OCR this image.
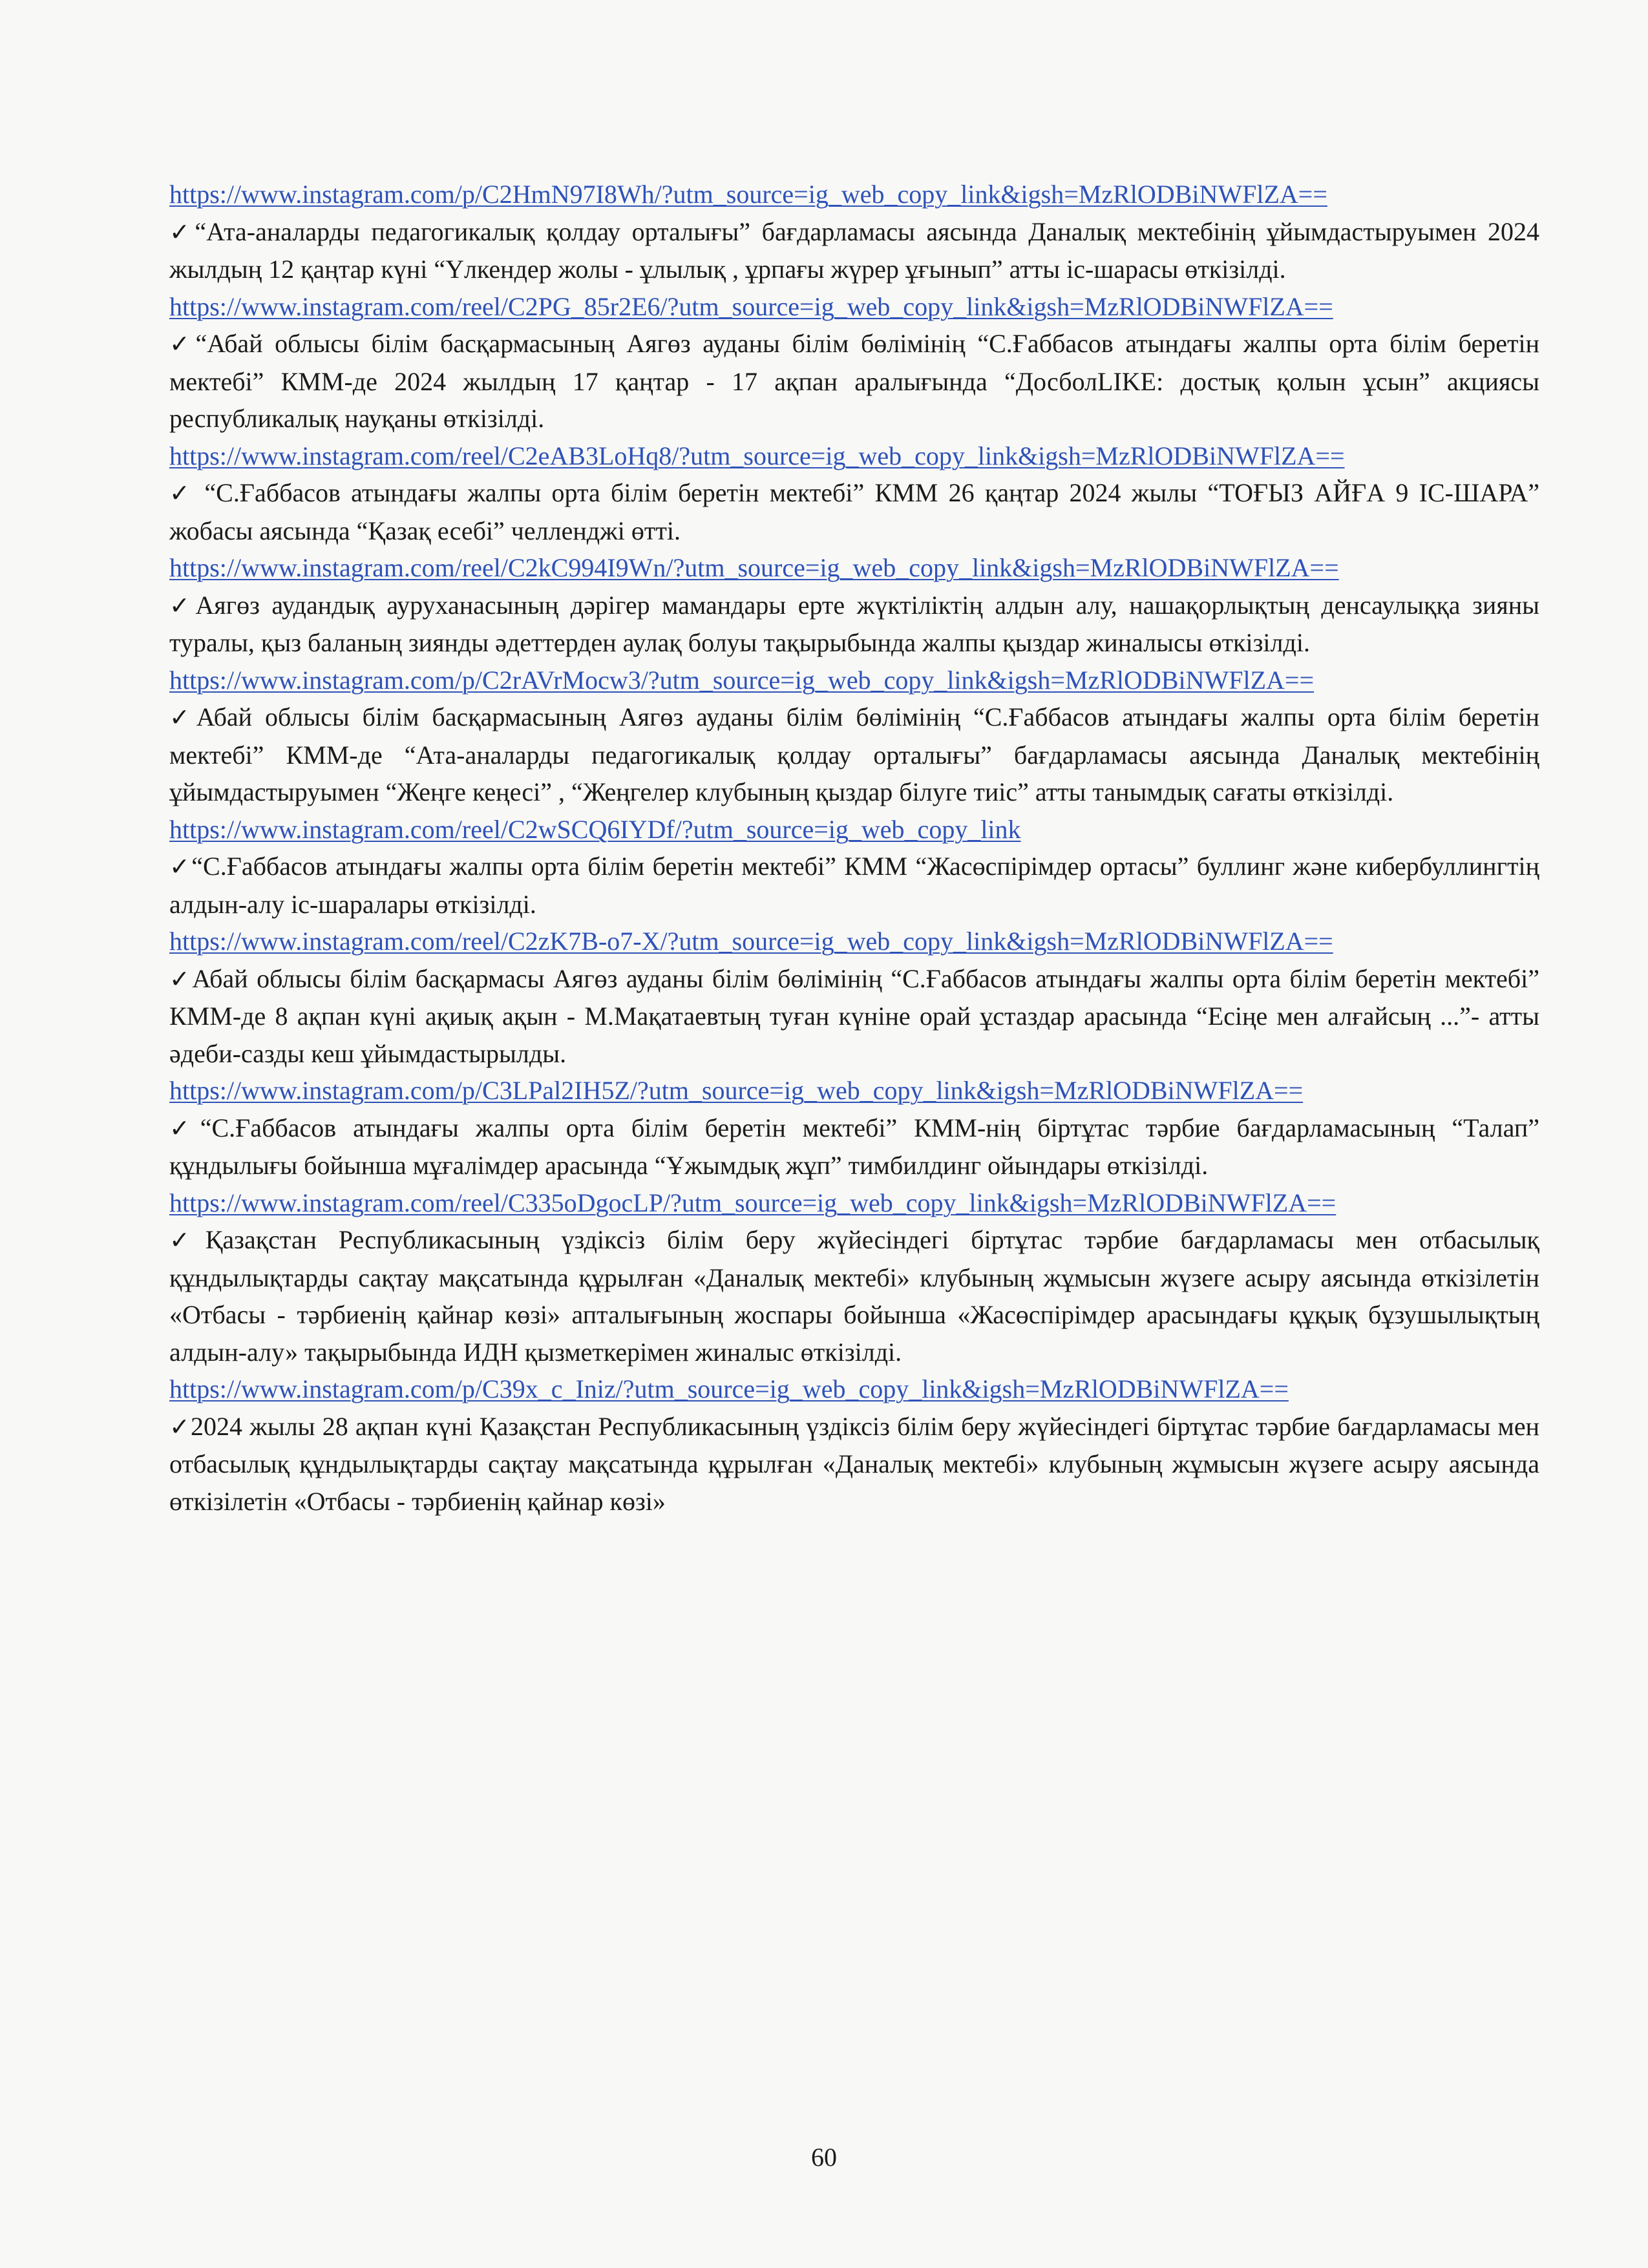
https://www.instagram.com/p/C2HmN97I8Wh/?utm_source=ig_web_copy_link&igsh=MzRlODBiNWFlZA==

✓“Ата-аналарды педагогикалық қолдау орталығы” бағдарламасы аясында Даналық мектебінің ұйымдастыруымен 2024 жылдың 12 қаңтар күні “Үлкендер жолы - ұлылық , ұрпағы жүрер ұғынып” атты іс-шарасы өткізілді.

https://www.instagram.com/reel/C2PG_85r2E6/?utm_source=ig_web_copy_link&igsh=MzRlODBiNWFlZA==

✓“Абай облысы білім басқармасының Аягөз ауданы білім бөлімінің “С.Ғаббасов атындағы жалпы орта білім беретін мектебі” КММ-де 2024 жылдың 17 қаңтар - 17 ақпан аралығында “ДосболLIKE: достық қолын ұсын” акциясы республикалық науқаны өткізілді.

https://www.instagram.com/reel/C2eAB3LoHq8/?utm_source=ig_web_copy_link&igsh=MzRlODBiNWFlZA==

✓ “С.Ғаббасов атындағы жалпы орта білім беретін мектебі” КММ 26 қаңтар 2024 жылы “ТОҒЫЗ АЙҒА 9 ІС-ШАРА” жобасы аясында “Қазақ есебі” челленджі өтті.

https://www.instagram.com/reel/C2kC994I9Wn/?utm_source=ig_web_copy_link&igsh=MzRlODBiNWFlZA==

✓Аягөз аудандық ауруханасының дәрігер мамандары ерте жүктіліктің алдын алу, нашақорлықтың денсаулыққа зияны туралы, қыз баланың зиянды әдеттерден аулақ болуы тақырыбында жалпы қыздар жиналысы өткізілді.

https://www.instagram.com/p/C2rAVrMocw3/?utm_source=ig_web_copy_link&igsh=MzRlODBiNWFlZA==

✓Абай облысы білім басқармасының Аягөз ауданы білім бөлімінің “С.Ғаббасов атындағы жалпы орта білім беретін мектебі” КММ-де “Ата-аналарды педагогикалық қолдау орталығы” бағдарламасы аясында Даналық мектебінің ұйымдастыруымен “Жеңге кеңесі” , “Жеңгелер клубының қыздар білуге тиіс” атты танымдық сағаты өткізілді.

https://www.instagram.com/reel/C2wSCQ6IYDf/?utm_source=ig_web_copy_link

✓“С.Ғаббасов атындағы жалпы орта білім беретін мектебі” КММ “Жасөспірімдер ортасы” буллинг және кибербуллингтің алдын-алу іс-шаралары өткізілді.

https://www.instagram.com/reel/C2zK7B-o7-X/?utm_source=ig_web_copy_link&igsh=MzRlODBiNWFlZA==

✓Абай облысы білім басқармасы Аягөз ауданы білім бөлімінің “С.Ғаббасов атындағы жалпы орта білім беретін мектебі” КММ-де 8 ақпан күні ақиық ақын - М.Мақатаевтың туған күніне орай ұстаздар арасында “Есіңе мен алғайсың ...”- атты әдеби-сазды кеш ұйымдастырылды.

https://www.instagram.com/p/C3LPal2IH5Z/?utm_source=ig_web_copy_link&igsh=MzRlODBiNWFlZA==

✓“С.Ғаббасов атындағы жалпы орта білім беретін мектебі” КММ-нің біртұтас тәрбие бағдарламасының “Талап” құндылығы бойынша мұғалімдер арасында “Ұжымдық жұп” тимбилдинг ойындары өткізілді.

https://www.instagram.com/reel/C335oDgocLP/?utm_source=ig_web_copy_link&igsh=MzRlODBiNWFlZA==

✓Қазақстан Республикасының үздіксіз білім беру жүйесіндегі біртұтас тәрбие бағдарламасы мен отбасылық құндылықтарды сақтау мақсатында құрылған «Даналық мектебі» клубының жұмысын жүзеге асыру аясында өткізілетін «Отбасы - тәрбиенің қайнар көзі» апталығының жоспары бойынша «Жасөспірімдер арасындағы құқық бұзушылықтың алдын-алу» тақырыбында ИДН қызметкерімен жиналыс өткізілді.

https://www.instagram.com/p/C39x_c_Iniz/?utm_source=ig_web_copy_link&igsh=MzRlODBiNWFlZA==

✓2024 жылы 28 ақпан күні Қазақстан Республикасының үздіксіз білім беру жүйесіндегі біртұтас тәрбие бағдарламасы мен отбасылық құндылықтарды сақтау мақсатында құрылған «Даналық мектебі» клубының жұмысын жүзеге асыру аясында өткізілетін «Отбасы - тәрбиенің қайнар көзі»

60
